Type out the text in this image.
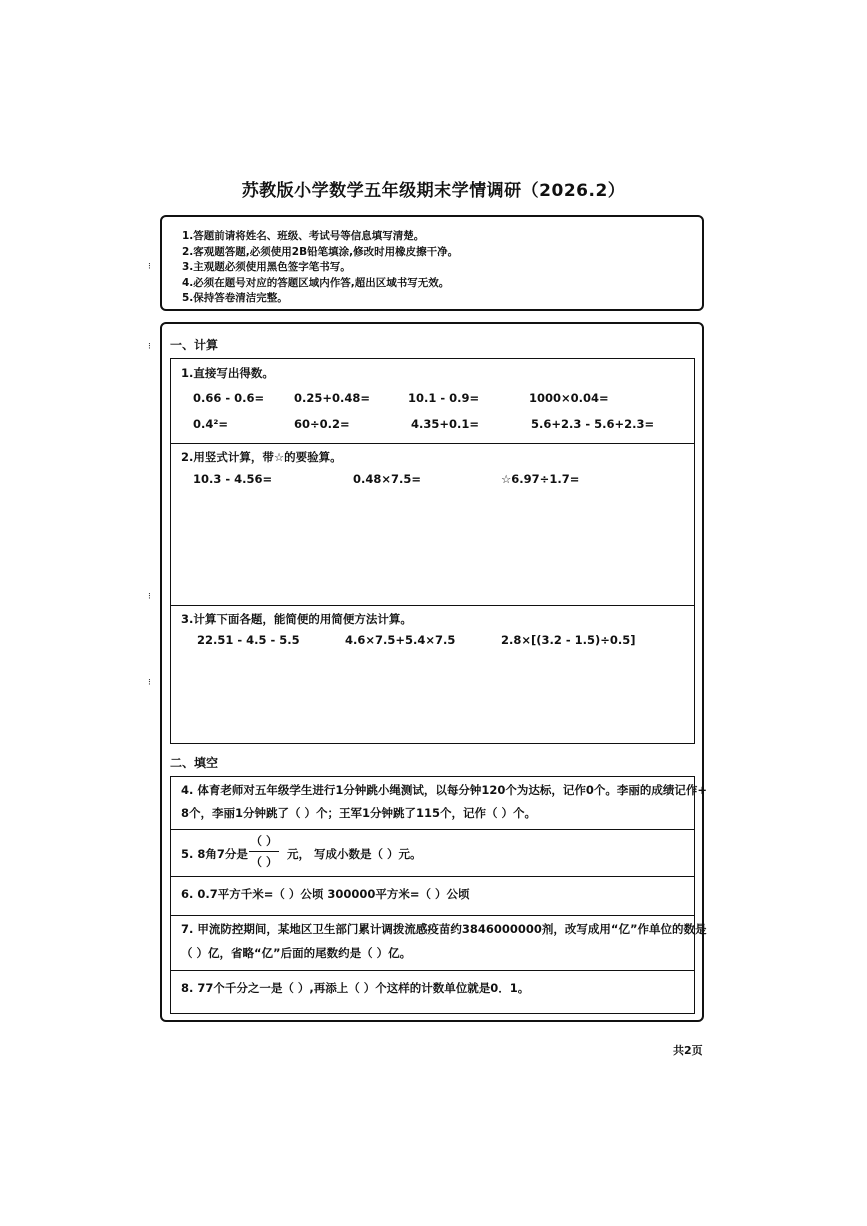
苏教版小学数学五年级期末学情调研（2026.2）
1.答题前请将姓名、班级、考试号等信息填写清楚。
2.客观题答题,必须使用2B铅笔填涂,修改时用橡皮擦干净。
3.主观题必须使用黑色签字笔书写。
4.必须在题号对应的答题区域内作答,超出区域书写无效。
5.保持答卷清洁完整。
⁝
⁝
⁝
⁝
一、计算
1.直接写出得数。
0.66 - 0.6=	0.25+0.48=	10.1 - 0.9=	1000×0.04=
0.4²=	60÷0.2=	4.35+0.1=	5.6+2.3 - 5.6+2.3=
2.用竖式计算，带☆的要验算。
10.3 - 4.56=	0.48×7.5=	☆6.97÷1.7=
3.计算下面各题，能简便的用简便方法计算。
22.51 - 4.5 - 5.5	4.6×7.5+5.4×7.5	2.8×[(3.2 - 1.5)÷0.5]
二、填空
4. 体育老师对五年级学生进行1分钟跳小绳测试，以每分钟120个为达标，记作0个。李丽的成绩记作+
8个，李丽1分钟跳了（ ）个；王军1分钟跳了115个，记作（ ）个。
5. 8角7分是
（ ）
（ ）
元， 写成小数是（ ）元。
6. 0.7平方千米=（ ）公顷 300000平方米=（ ）公顷
7. 甲流防控期间，某地区卫生部门累计调拨流感疫苗约3846000000剂，改写成用“亿”作单位的数是
（ ）亿，省略“亿”后面的尾数约是（ ）亿。
8. 77个千分之一是（ ）,再添上（ ）个这样的计数单位就是0．1。
共2页
